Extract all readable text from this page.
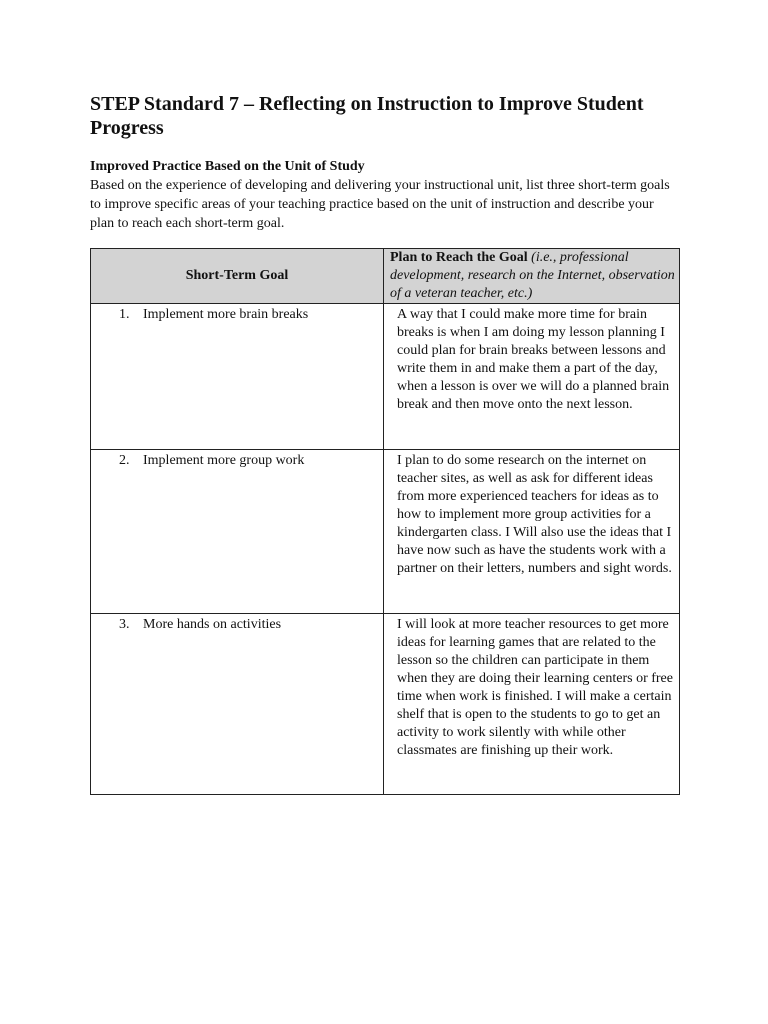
STEP Standard 7 – Reflecting on Instruction to Improve Student Progress

Improved Practice Based on the Unit of Study

Based on the experience of developing and delivering your instructional unit, list three short-term goals to improve specific areas of your teaching practice based on the unit of instruction and describe your plan to reach each short-term goal.

Short-Term Goal	Plan to Reach the Goal (i.e., professional development, research on the Internet, observation of a veteran teacher, etc.)
1. Implement more brain breaks	A way that I could make more time for brain breaks is when I am doing my lesson planning I could plan for brain breaks between lessons and write them in and make them a part of the day, when a lesson is over we will do a planned brain break and then move onto the next lesson.
2. Implement more group work	I plan to do some research on the internet on teacher sites, as well as ask for different ideas from more experienced teachers for ideas as to how to implement more group activities for a kindergarten class. I Will also use the ideas that I have now such as have the students work with a partner on their letters, numbers and sight words.
3. More hands on activities	I will look at more teacher resources to get more ideas for learning games that are related to the lesson so the children can participate in them when they are doing their learning centers or free time when work is finished. I will make a certain shelf that is open to the students to go to get an activity to work silently with while other classmates are finishing up their work.
